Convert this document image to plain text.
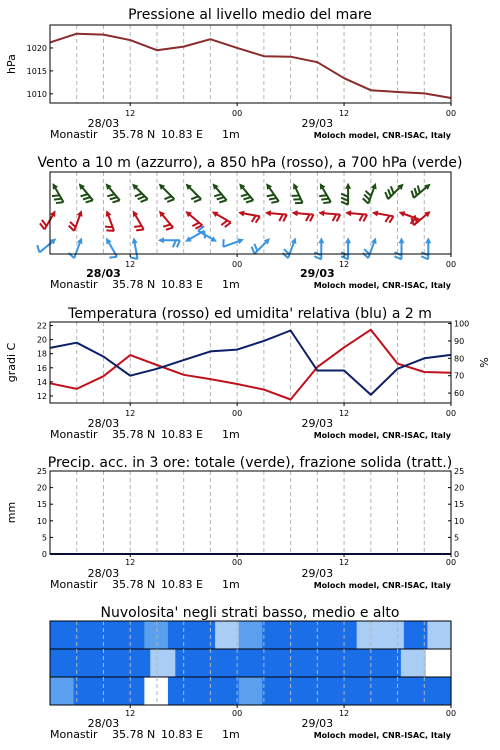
1010
1015
1020
hPa
Pressione al livello medio del mare
12	00	12	00
28/03	29/03
Monastir 35.78 N 10.83 E 1m	Moloch model, CNR-ISAC, Italy
Vento a 10 m (azzurro), a 850 hPa (rosso), a 700 hPa (verde)
12	00	12	00
28/03	29/03
Monastir 35.78 N 10.83 E 1m	Moloch model, CNR-ISAC, Italy
12
14
16
18
20
22
60
70
80
90
100
gradi C	%
Temperatura (rosso) ed umidita' relativa (blu) a 2 m
12	00	12	00
28/03	29/03
Monastir 35.78 N 10.83 E 1m	Moloch model, CNR-ISAC, Italy
0
5
10
15
20
25
0
5
10
15
20
25
mm
Precip. acc. in 3 ore: totale (verde), frazione solida (tratt.)
12	00	12	00
28/03	29/03
Monastir 35.78 N 10.83 E 1m	Moloch model, CNR-ISAC, Italy
Nuvolosita' negli strati basso, medio e alto
12	00	12	00
28/03	29/03
Monastir 35.78 N 10.83 E 1m	Moloch model, CNR-ISAC, Italy
